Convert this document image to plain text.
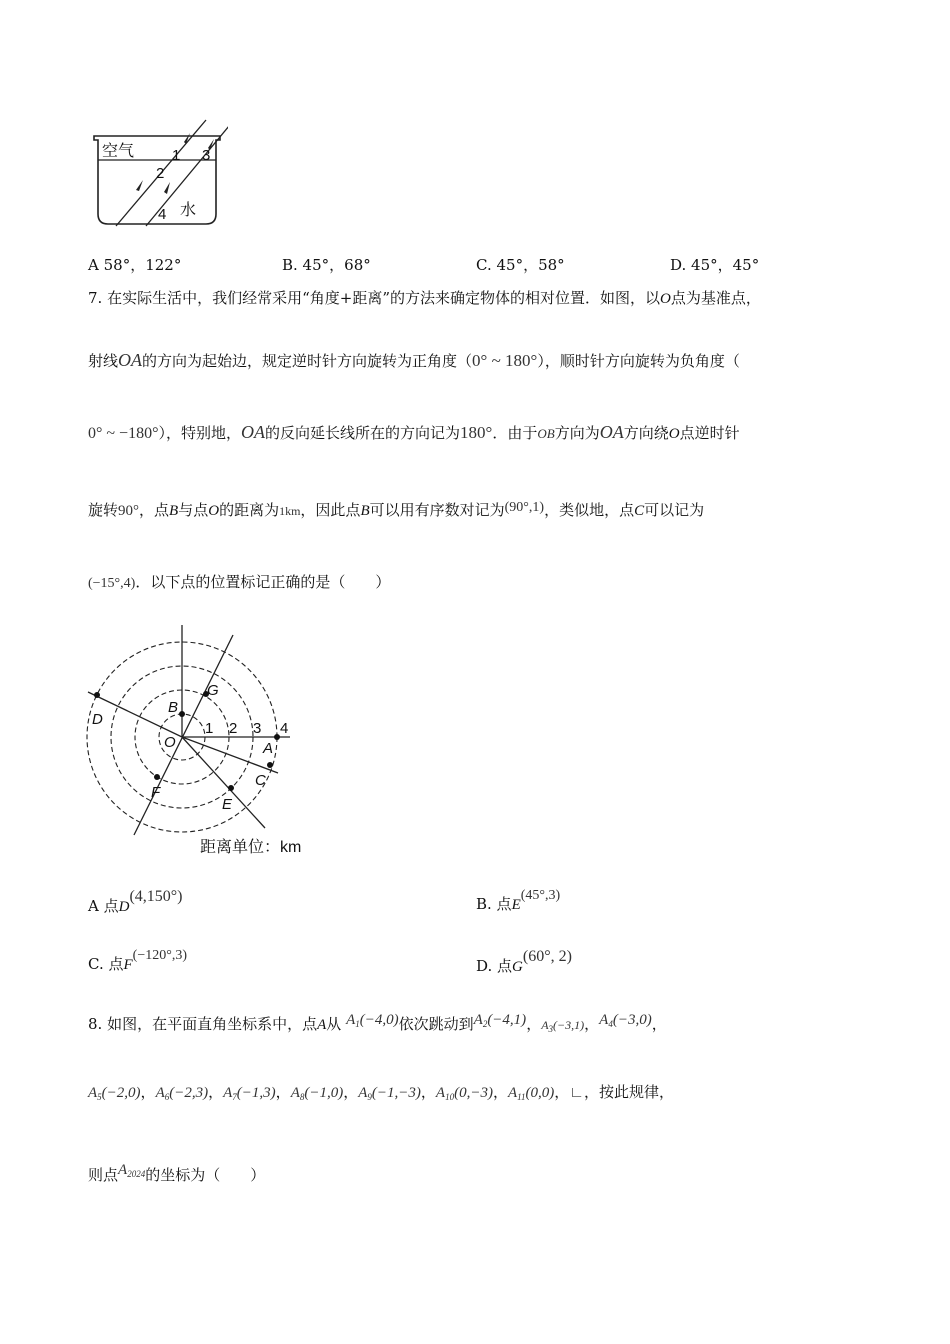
空气
水
1
2
3
4
A 58°，122°	B. 45°，68°	C. 45°，58°	D. 45°，45°
7. 在实际生活中，我们经常采用“角度+距离”的方法来确定物体的相对位置．如图，以O点为基准点，
射线OA的方向为起始边，规定逆时针方向旋转为正角度（0° ~ 180°），顺时针方向旋转为负角度（
0° ~ −180°），特别地，OA的反向延长线所在的方向记为180°．由于OB方向为OA方向绕O点逆时针
旋转90°，点B与点O的距离为1km，因此点B可以用有序数对记为(90°,1)，类似地，点C可以记为
(−15°,4)．以下点的位置标记正确的是（　　）
D
B
G
O	A
C
F
E
1 2 3 4
距离单位：km
A 点D(4,150°)	B. 点E(45°,3)
C. 点F(−120°,3)
D. 点G(60°, 2)
8. 如图，在平面直角坐标系中，点A从 $A_1(-4,0)$依次跳动到$A_2(-4,1)$，$A_3(-3,1)$，$A_4(-3,0)$，
$A_5(-2,0)$，$A_6(-2,3)$，$A_7(-1,3)$，$A_8(-1,0)$，$A_9(-1,-3)$，$A_{10}(0,-3)$，$A_{11}(0,0)$，∟，按此规律，
则点$A_{2024}$的坐标为（　　）
